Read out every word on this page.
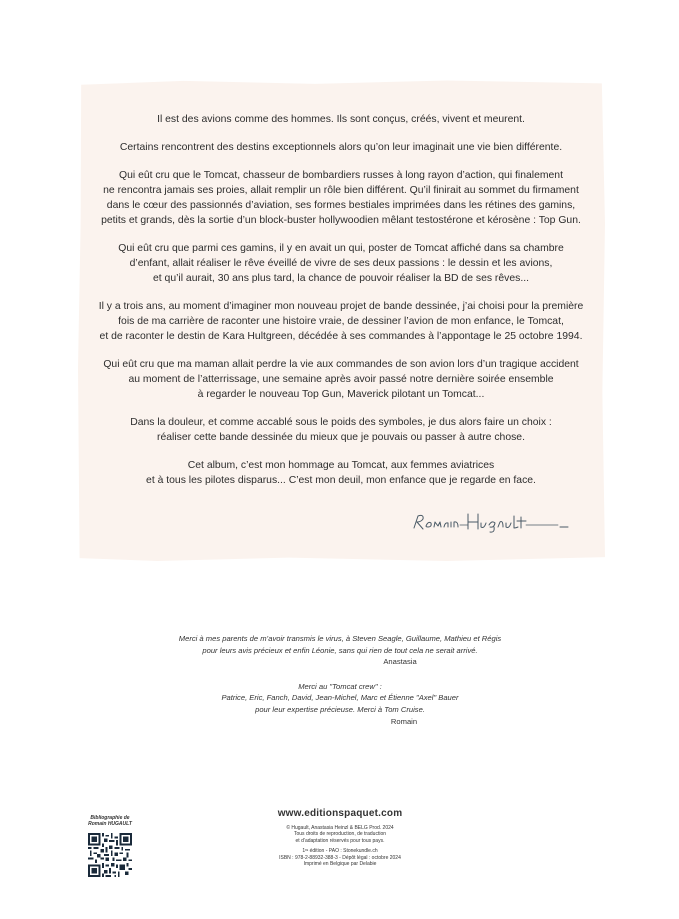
Il est des avions comme des hommes. Ils sont conçus, créés, vivent et meurent.

Certains rencontrent des destins exceptionnels alors qu’on leur imaginait une vie bien différente.

Qui eût cru que le Tomcat, chasseur de bombardiers russes à long rayon d’action, qui finalement
ne rencontra jamais ses proies, allait remplir un rôle bien différent. Qu’il finirait au sommet du firmament
dans le cœur des passionnés d’aviation, ses formes bestiales imprimées dans les rétines des gamins,
petits et grands, dès la sortie d’un block-buster hollywoodien mêlant testostérone et kérosène : Top Gun.

Qui eût cru que parmi ces gamins, il y en avait un qui, poster de Tomcat affiché dans sa chambre
d’enfant, allait réaliser le rêve éveillé de vivre de ses deux passions : le dessin et les avions,
et qu’il aurait, 30 ans plus tard, la chance de pouvoir réaliser la BD de ses rêves...

Il y a trois ans, au moment d’imaginer mon nouveau projet de bande dessinée, j’ai choisi pour la première
fois de ma carrière de raconter une histoire vraie, de dessiner l’avion de mon enfance, le Tomcat,
et de raconter le destin de Kara Hultgreen, décédée à ses commandes à l’appontage le 25 octobre 1994.

Qui eût cru que ma maman allait perdre la vie aux commandes de son avion lors d’un tragique accident
au moment de l’atterrissage, une semaine après avoir passé notre dernière soirée ensemble
à regarder le nouveau Top Gun, Maverick pilotant un Tomcat...

Dans la douleur, et comme accablé sous le poids des symboles, je dus alors faire un choix :
réaliser cette bande dessinée du mieux que je pouvais ou passer à autre chose.

Cet album, c’est mon hommage au Tomcat, aux femmes aviatrices
et à tous les pilotes disparus... C’est mon deuil, mon enfance que je regarde en face.

Merci à mes parents de m’avoir transmis le virus, à Steven Seagle, Guillaume, Mathieu et Régis
pour leurs avis précieux et enfin Léonie, sans qui rien de tout cela ne serait arrivé.

Anastasia

Merci au "Tomcat crew" :
Patrice, Eric, Fanch, David, Jean-Michel, Marc et Étienne "Axel" Bauer
pour leur expertise précieuse. Merci à Tom Cruise.

Romain

Bibliographie de
Romain HUGAULT
www.editionspaquet.com
© Hugault, Anastasia Heinzl & BELG Prod. 2024
Tous droits de reproduction, de traduction
et d’adaptation réservés pour tous pays.
1ʳᵉ édition - PAO : Stonekundle.ch
ISBN : 978-2-88932-388-3 - Dépôt légal : octobre 2024
Imprimé en Belgique par Delabie
